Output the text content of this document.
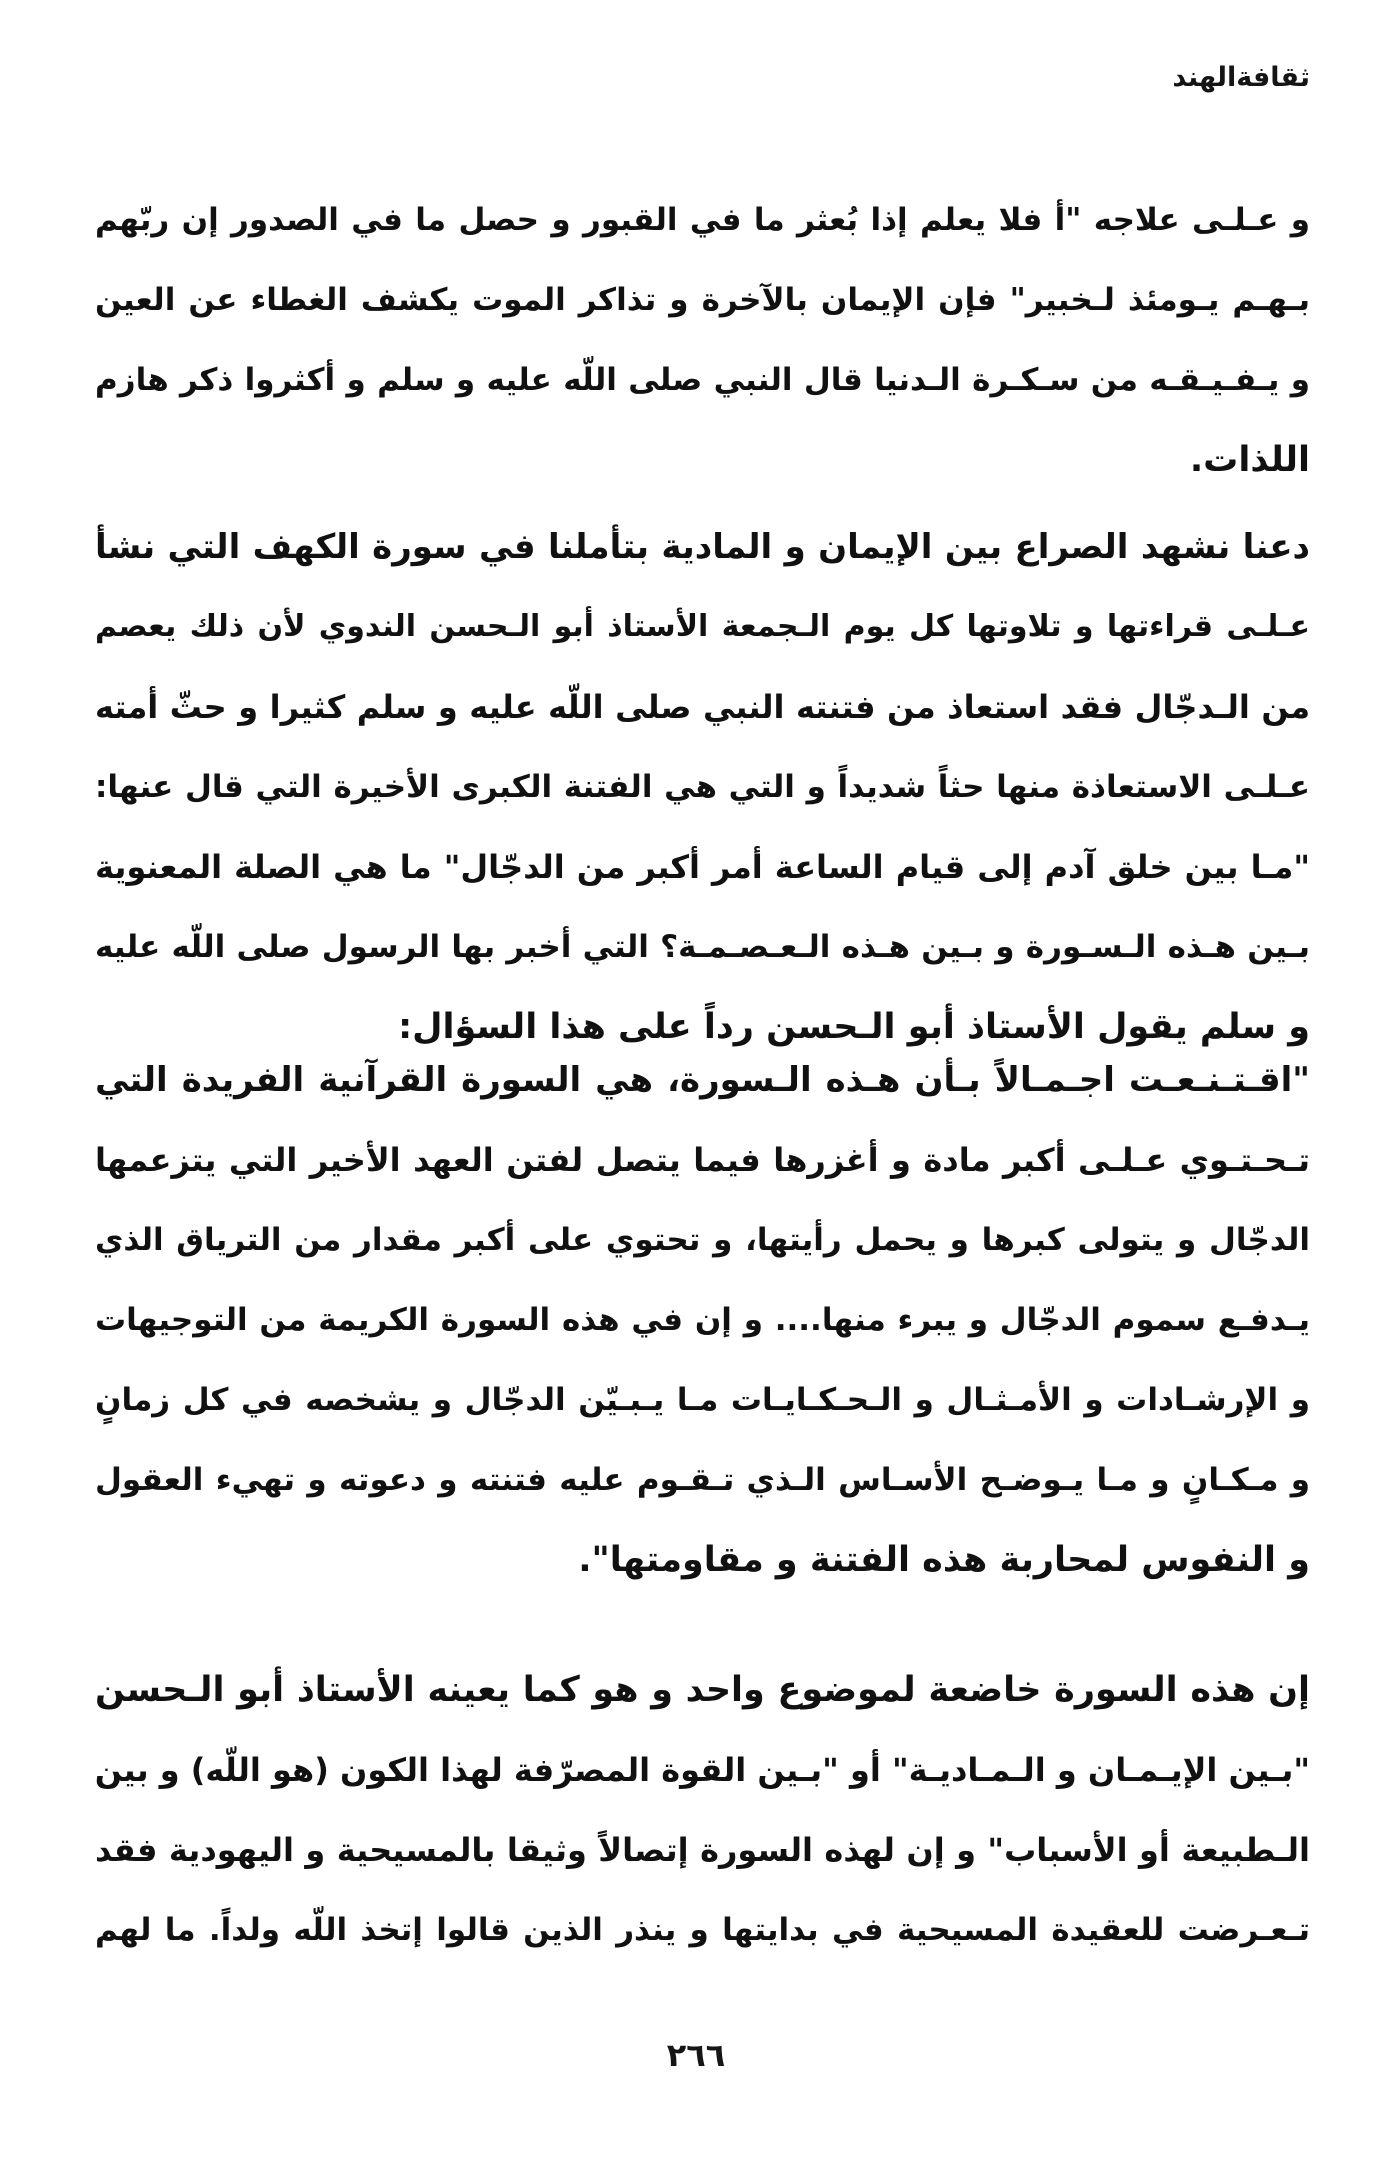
ثقافةالهند
و عـلـى علاجه "أ فلا يعلم إذا بُعثر ما في القبور و حصل ما في الصدور إن ربّهم
بـهـم يـومئذ لـخبير" فإن الإيمان بالآخرة و تذاكر الموت يكشف الغطاء عن العين
و يـفـيـقـه من سـكـرة الـدنيا قال النبي صلى اللّه عليه و سلم و أكثروا ذكر هازم
اللذات.
دعنا نشهد الصراع بين الإيمان و المادية بتأملنا في سورة الكهف التي نشأ
عـلـى قراءتها و تلاوتها كل يوم الـجمعة الأستاذ أبو الـحسن الندوي لأن ذلك يعصم
من الـدجّال فقد استعاذ من فتنته النبي صلى اللّه عليه و سلم كثيرا و حثّ أمته
عـلـى الاستعاذة منها حثاً شديداً و التي هي الفتنة الكبرى الأخيرة التي قال عنها:
"مـا بين خلق آدم إلى قيام الساعة أمر أكبر من الدجّال" ما هي الصلة المعنوية
بـين هـذه الـسـورة و بـين هـذه الـعـصـمـة؟ التي أخبر بها الرسول صلى اللّه عليه
و سلم يقول الأستاذ أبو الـحسن رداً على هذا السؤال:
"اقـتـنـعـت اجـمـالاً بـأن هـذه الـسورة، هي السورة القرآنية الفريدة التي
تـحـتـوي عـلـى أكبر مادة و أغزرها فيما يتصل لفتن العهد الأخير التي يتزعمها
الدجّال و يتولى كبرها و يحمل رأيتها، و تحتوي على أكبر مقدار من الترياق الذي
يـدفـع سموم الدجّال و يبرء منها.... و إن في هذه السورة الكريمة من التوجيهات
و الإرشـادات و الأمـثـال و الـحـكـايـات مـا يـبـيّن الدجّال و يشخصه في كل زمانٍ
و مـكـانٍ و مـا يـوضـح الأسـاس الـذي تـقـوم عليه فتنته و دعوته و تهيء العقول
و النفوس لمحاربة هذه الفتنة و مقاومتها".
إن هذه السورة خاضعة لموضوع واحد و هو كما يعينه الأستاذ أبو الـحسن
"بـين الإيـمـان و الـمـاديـة" أو "بـين القوة المصرّفة لهذا الكون (هو اللّه) و بين
الـطبيعة أو الأسباب" و إن لهذه السورة إتصالاً وثيقا بالمسيحية و اليهودية فقد
تـعـرضت للعقيدة المسيحية في بدايتها و ينذر الذين قالوا إتخذ اللّه ولداً. ما لهم
٢٦٦
